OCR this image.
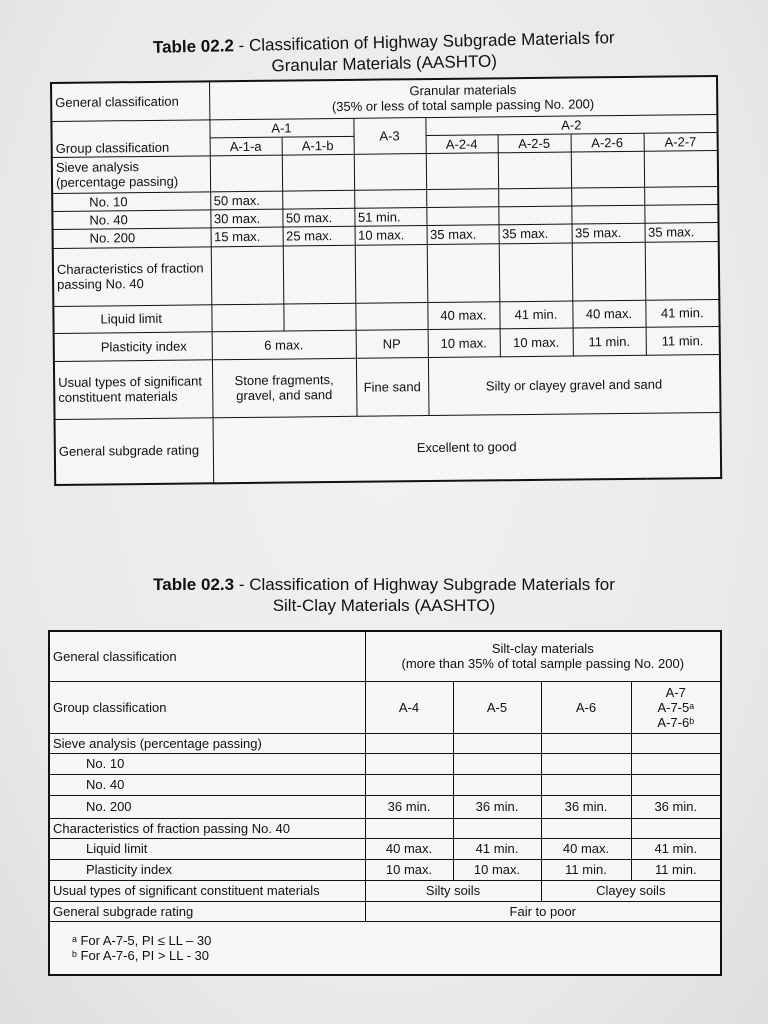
Table 02.2 - Classification of Highway Subgrade Materials for
Granular Materials (AASHTO)
General classification	Granular materials
(35% or less of total sample passing No. 200)						

Group classification	A-1		A-3	A-2			
	A-1-a	A-1-b		A-2-4	A-2-5	A-2-6	A-2-7
Sieve analysis (percentage passing)							
No. 10	50 max.						
No. 40	30 max.	50 max.	51 min.				
No. 200	15 max.	25 max.	10 max.	35 max.	35 max.	35 max.	35 max.
Characteristics of fraction passing No. 40							
Liquid limit				40 max.	41 min.	40 max.	41 min.
Plasticity index	6 max.		NP	10 max.	10 max.	11 min.	11 min.
Usual types of significant constituent materials	Stone fragments, gravel, and sand		Fine sand	Silty or clayey gravel and sand			
General subgrade rating	Excellent to good						
Table 02.3 - Classification of Highway Subgrade Materials for
Silt-Clay Materials (AASHTO)
General classification	Silt-clay materials
(more than 35% of total sample passing No. 200)			

Group classification	A-4	A-5	A-6	A-7
A-7-5ᵃ
A-7-6ᵇ

Sieve analysis (percentage passing)				
No. 10				
No. 40				
No. 200	36 min.	36 min.	36 min.	36 min.
Characteristics of fraction passing No. 40				
Liquid limit	40 max.	41 min.	40 max.	41 min.
Plasticity index	10 max.	10 max.	11 min.	11 min.
Usual types of significant constituent materials	Silty soils		Clayey soils	
General subgrade rating	Fair to poor			

ᵃ For A-7-5, PI ≤ LL – 30
ᵇ For A-7-6, PI > LL - 30				
